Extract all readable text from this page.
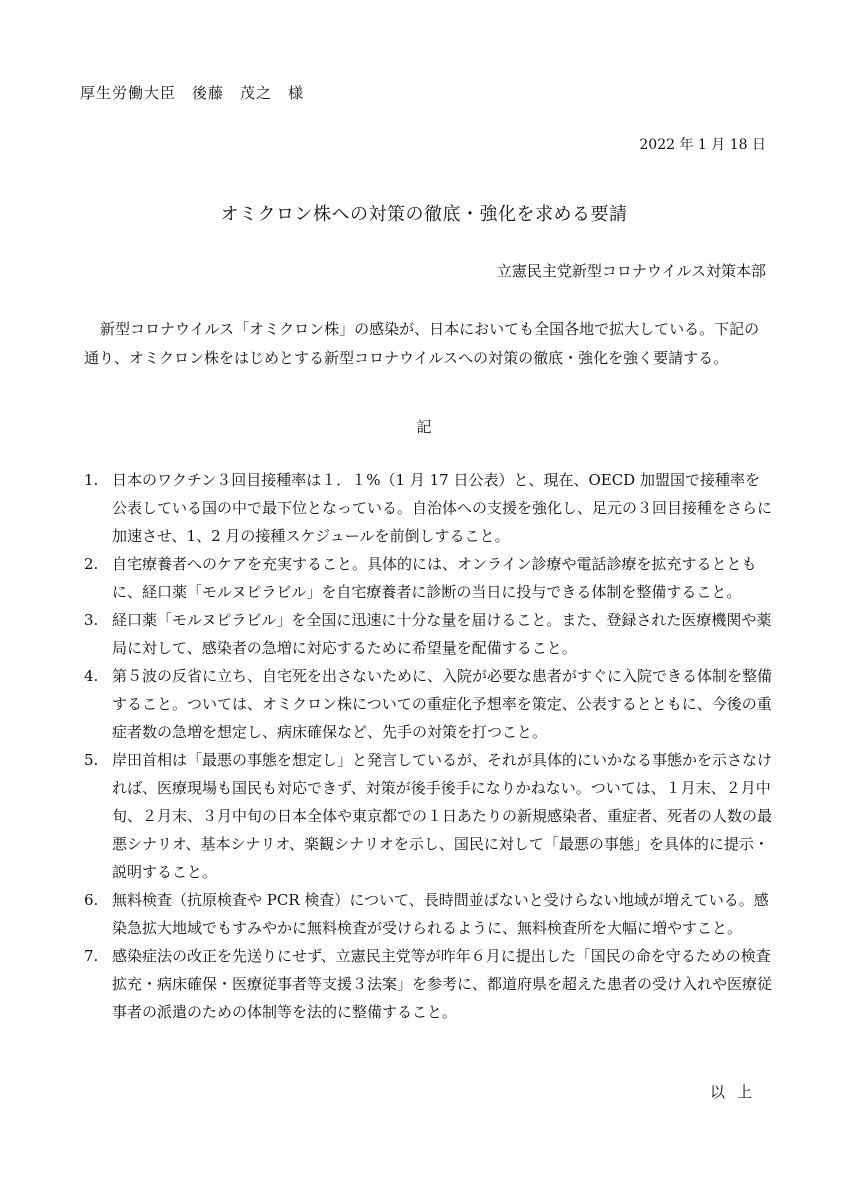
厚生労働大臣　後藤　茂之　様
2022 年 1 月 18 日
オミクロン株への対策の徹底・強化を求める要請
立憲民主党新型コロナウイルス対策本部

新型コロナウイルス「オミクロン株」の感染が、日本においても全国各地で拡大している。下記の通り、オミクロン株をはじめとする新型コロナウイルスへの対策の徹底・強化を強く要請する。

記
1. 日本のワクチン３回目接種率は１．１%（1 月 17 日公表）と、現在、OECD 加盟国で接種率を公表している国の中で最下位となっている。自治体への支援を強化し、足元の３回目接種をさらに加速させ、1、2 月の接種スケジュールを前倒しすること。
2. 自宅療養者へのケアを充実すること。具体的には、オンライン診療や電話診療を拡充するとともに、経口薬「モルヌピラビル」を自宅療養者に診断の当日に投与できる体制を整備すること。
3. 経口薬「モルヌピラビル」を全国に迅速に十分な量を届けること。また、登録された医療機関や薬局に対して、感染者の急増に対応するために希望量を配備すること。
4. 第５波の反省に立ち、自宅死を出さないために、入院が必要な患者がすぐに入院できる体制を整備すること。ついては、オミクロン株についての重症化予想率を策定、公表するとともに、今後の重症者数の急増を想定し、病床確保など、先手の対策を打つこと。
5. 岸田首相は「最悪の事態を想定し」と発言しているが、それが具体的にいかなる事態かを示さなければ、医療現場も国民も対応できず、対策が後手後手になりかねない。ついては、１月末、２月中旬、２月末、３月中旬の日本全体や東京都での１日あたりの新規感染者、重症者、死者の人数の最悪シナリオ、基本シナリオ、楽観シナリオを示し、国民に対して「最悪の事態」を具体的に提示・説明すること。
6. 無料検査（抗原検査や PCR 検査）について、長時間並ばないと受けらない地域が増えている。感染急拡大地域でもすみやかに無料検査が受けられるように、無料検査所を大幅に増やすこと。
7. 感染症法の改正を先送りにせず、立憲民主党等が昨年６月に提出した「国民の命を守るための検査拡充・病床確保・医療従事者等支援３法案」を参考に、都道府県を超えた患者の受け入れや医療従事者の派遣のための体制等を法的に整備すること。
以上
